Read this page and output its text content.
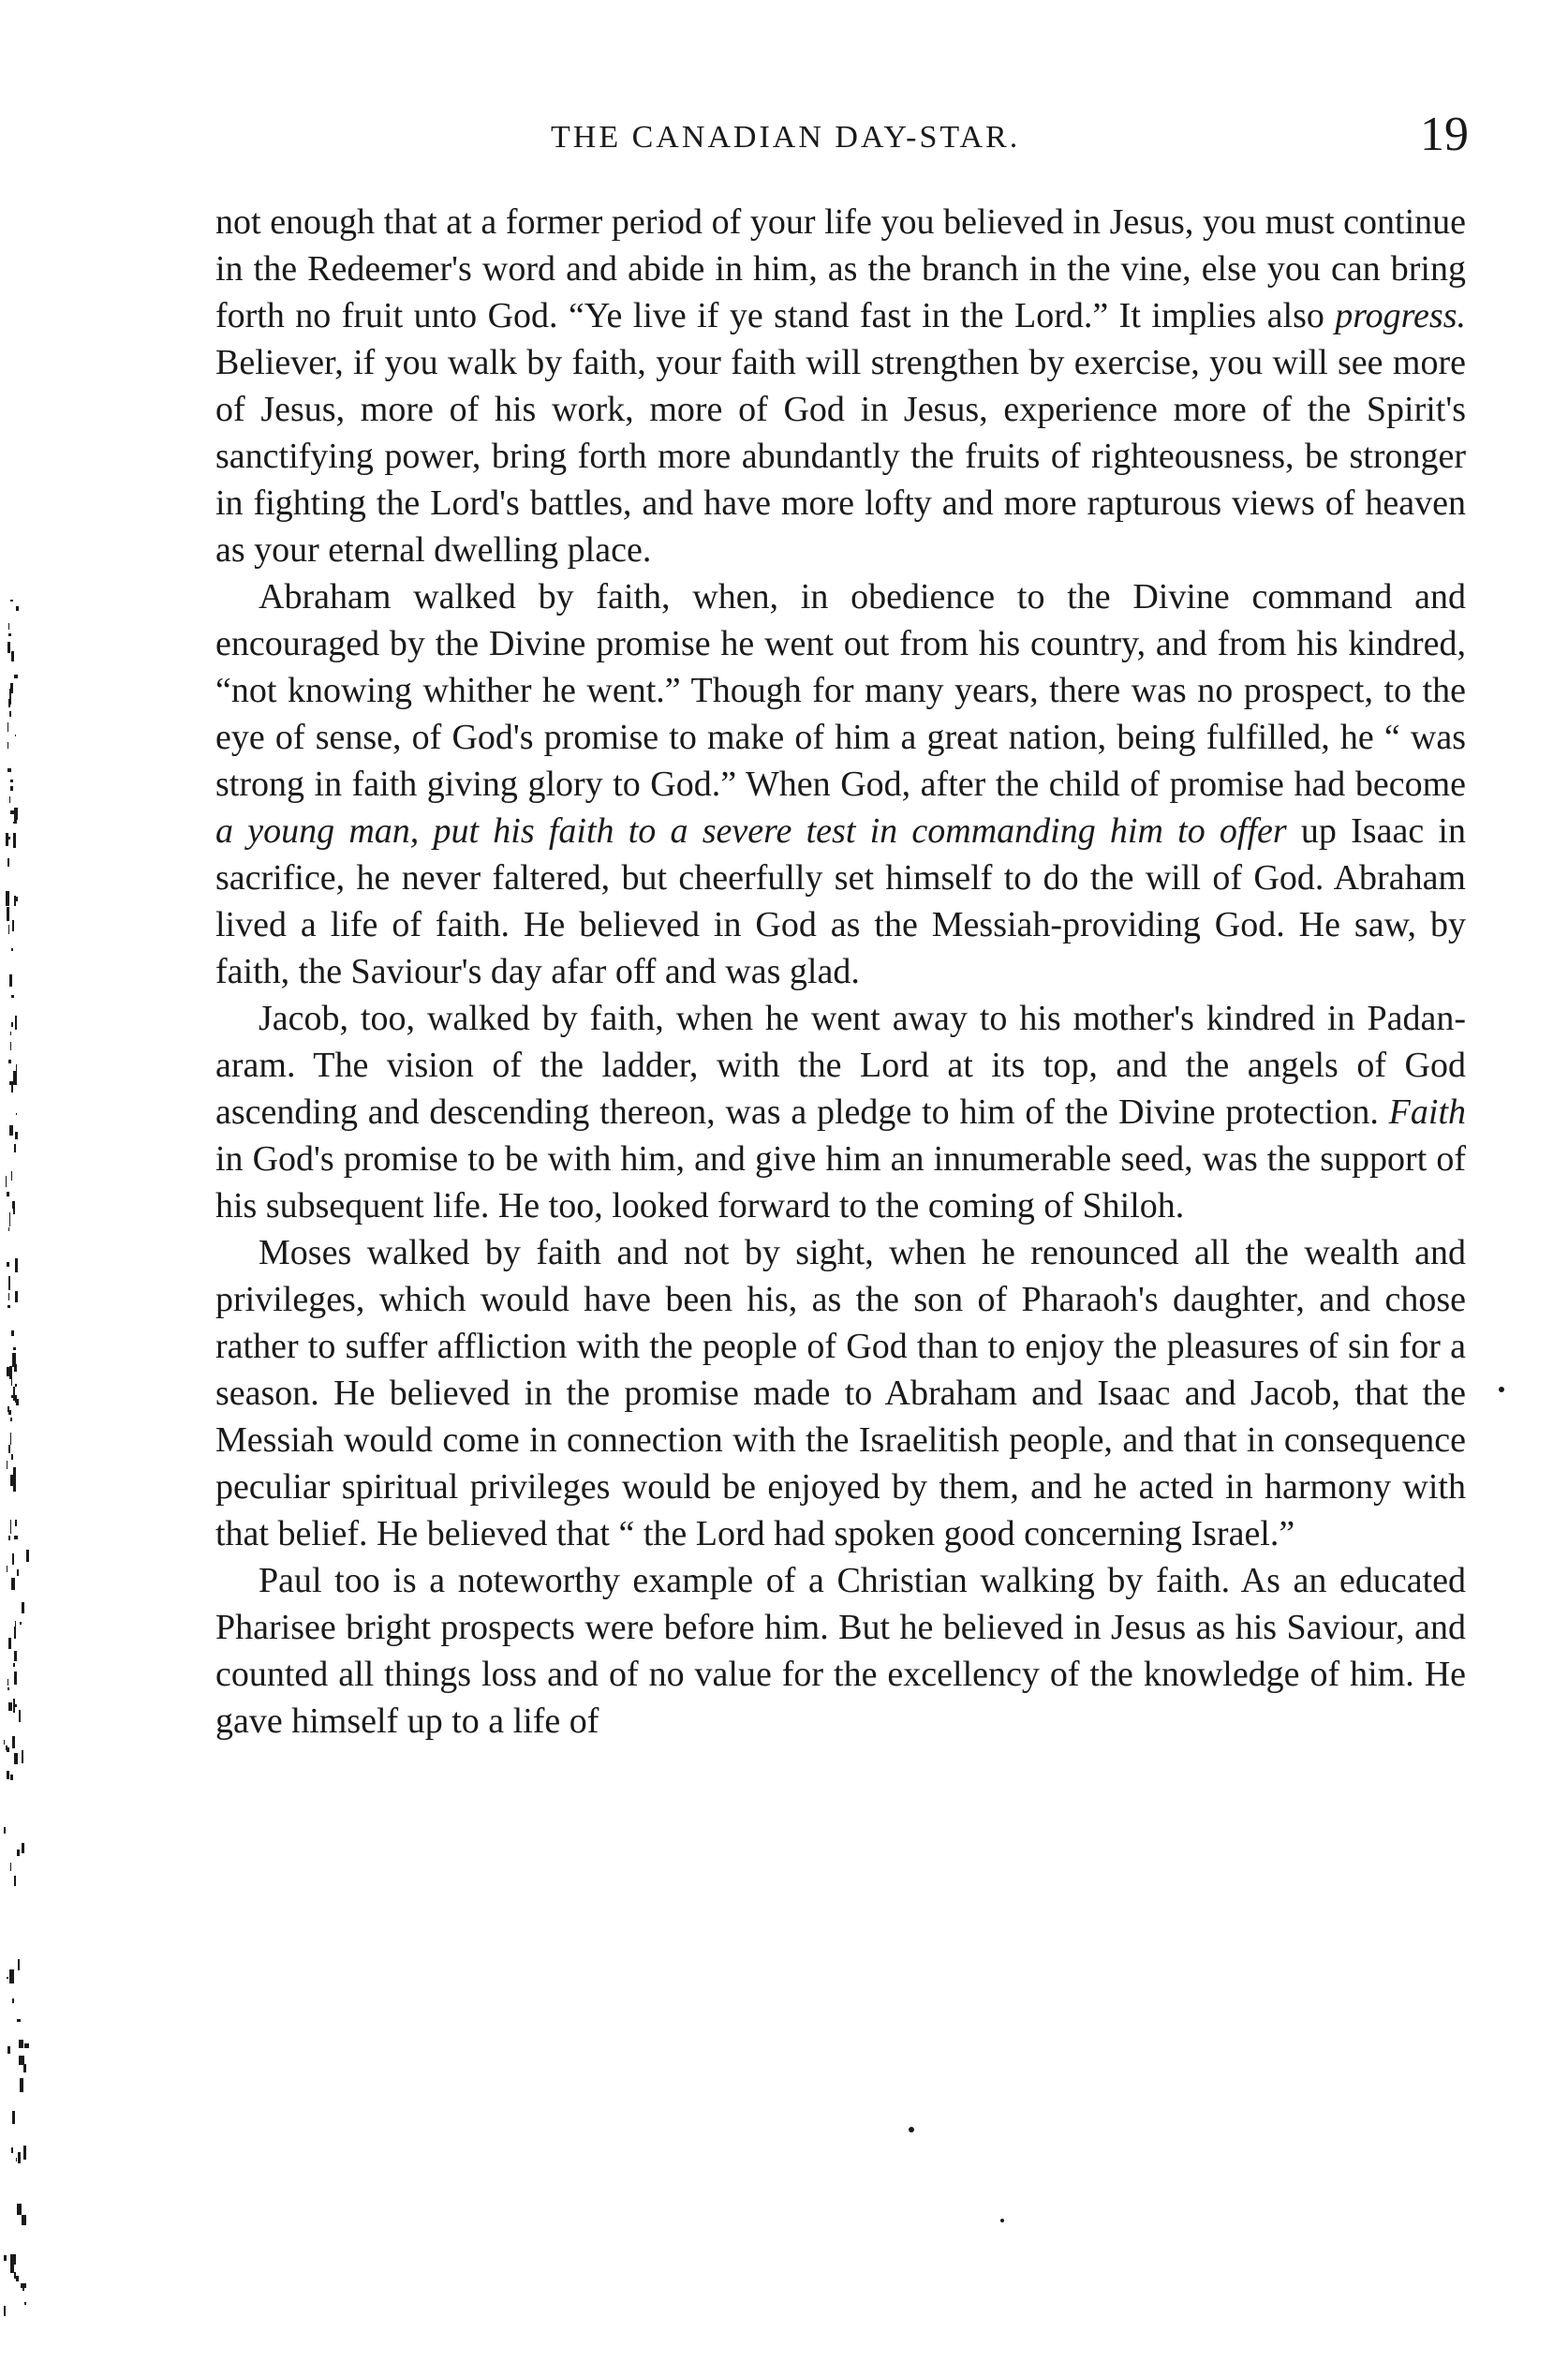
THE CANADIAN DAY-STAR.	19

not enough that at a former period of your life you believed in Jesus, you must continue in the Redeemer's word and abide in him, as the branch in the vine, else you can bring forth no fruit unto God. “Ye live if ye stand fast in the Lord.” It implies also progress. Believer, if you walk by faith, your faith will strengthen by exercise, you will see more of Jesus, more of his work, more of God in Jesus, experience more of the Spirit's sanctifying power, bring forth more abundantly the fruits of righteousness, be stronger in fighting the Lord's battles, and have more lofty and more rapturous views of heaven as your eternal dwelling place.

Abraham walked by faith, when, in obedience to the Divine command and encouraged by the Divine promise he went out from his country, and from his kindred, “not knowing whither he went.” Though for many years, there was no prospect, to the eye of sense, of God's promise to make of him a great nation, being fulfilled, he “ was strong in faith giving glory to God.” When God, after the child of promise had become a young man, put his faith to a severe test in commanding him to offer up Isaac in sacrifice, he never faltered, but cheerfully set himself to do the will of God. Abraham lived a life of faith. He believed in God as the Messiah-providing God. He saw, by faith, the Saviour's day afar off and was glad.

Jacob, too, walked by faith, when he went away to his mother's kindred in Padan-aram. The vision of the ladder, with the Lord at its top, and the angels of God ascending and descending thereon, was a pledge to him of the Divine protection. Faith in God's promise to be with him, and give him an innumerable seed, was the support of his subsequent life. He too, looked forward to the coming of Shiloh.

Moses walked by faith and not by sight, when he renounced all the wealth and privileges, which would have been his, as the son of Pharaoh's daughter, and chose rather to suffer affliction with the people of God than to enjoy the pleasures of sin for a season. He believed in the promise made to Abraham and Isaac and Jacob, that the Messiah would come in connection with the Israelitish people, and that in consequence peculiar spiritual privileges would be enjoyed by them, and he acted in harmony with that belief. He believed that “ the Lord had spoken good concerning Israel.”

Paul too is a noteworthy example of a Christian walking by faith. As an educated Pharisee bright prospects were before him. But he believed in Jesus as his Saviour, and counted all things loss and of no value for the excellency of the knowledge of him. He gave himself up to a life of
